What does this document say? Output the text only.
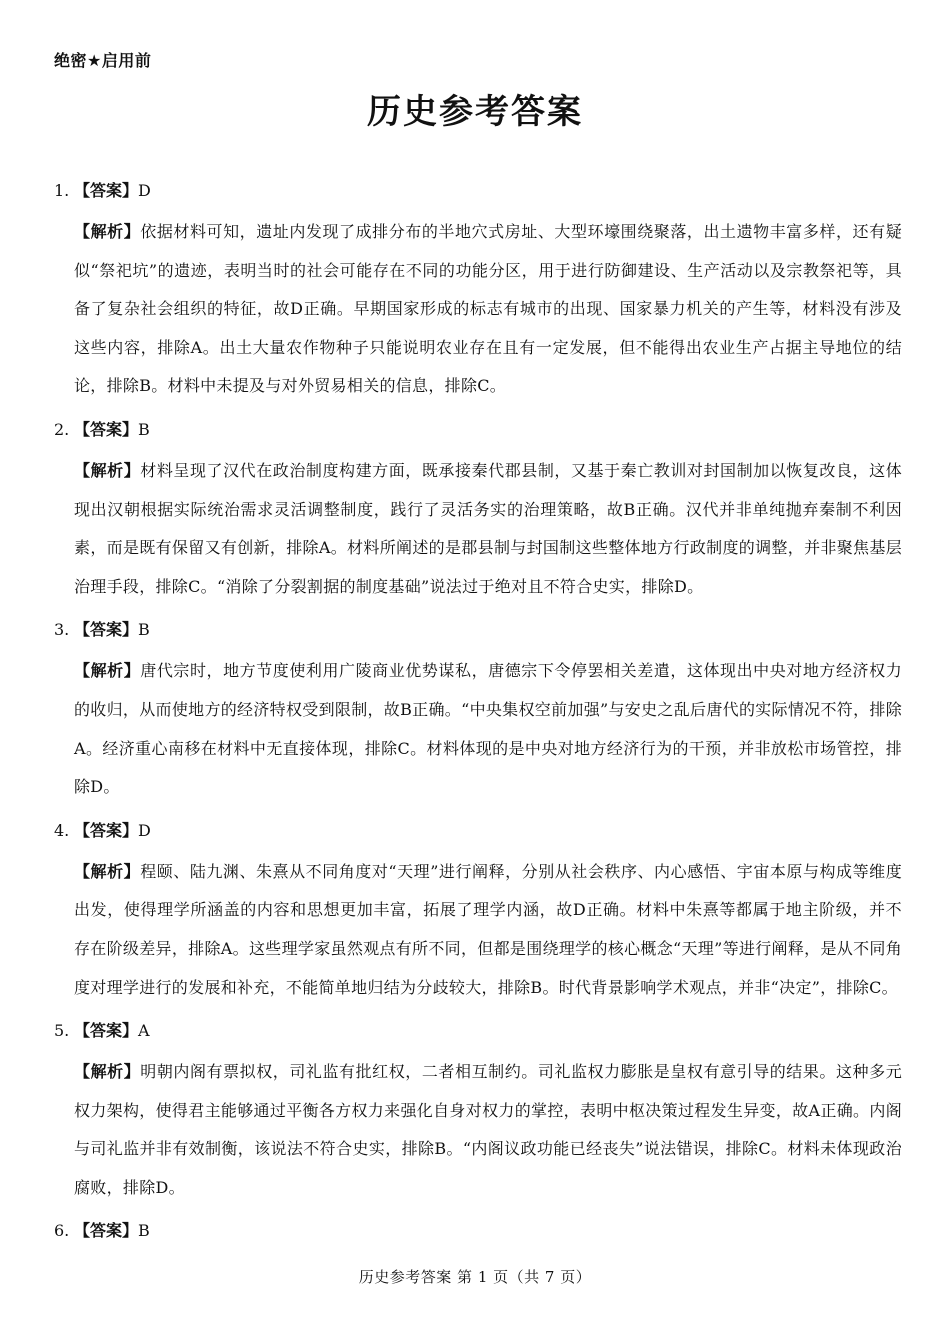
绝密★启用前
历史参考答案
1. 【答案】D

【解析】依据材料可知，遗址内发现了成排分布的半地穴式房址、大型环壕围绕聚落，出土遗物丰富多样，还有疑似“祭祀坑”的遗迹，表明当时的社会可能存在不同的功能分区，用于进行防御建设、生产活动以及宗教祭祀等，具备了复杂社会组织的特征，故D正确。早期国家形成的标志有城市的出现、国家暴力机关的产生等，材料没有涉及这些内容，排除A。出土大量农作物种子只能说明农业存在且有一定发展，但不能得出农业生产占据主导地位的结论，排除B。材料中未提及与对外贸易相关的信息，排除C。

2. 【答案】B

【解析】材料呈现了汉代在政治制度构建方面，既承接秦代郡县制，又基于秦亡教训对封国制加以恢复改良，这体现出汉朝根据实际统治需求灵活调整制度，践行了灵活务实的治理策略，故B正确。汉代并非单纯抛弃秦制不利因素，而是既有保留又有创新，排除A。材料所阐述的是郡县制与封国制这些整体地方行政制度的调整，并非聚焦基层治理手段，排除C。“消除了分裂割据的制度基础”说法过于绝对且不符合史实，排除D。

3. 【答案】B

【解析】唐代宗时，地方节度使利用广陵商业优势谋私，唐德宗下令停罢相关差遣，这体现出中央对地方经济权力的收归，从而使地方的经济特权受到限制，故B正确。“中央集权空前加强”与安史之乱后唐代的实际情况不符，排除A。经济重心南移在材料中无直接体现，排除C。材料体现的是中央对地方经济行为的干预，并非放松市场管控，排除D。

4. 【答案】D

【解析】程颐、陆九渊、朱熹从不同角度对“天理”进行阐释，分别从社会秩序、内心感悟、宇宙本原与构成等维度出发，使得理学所涵盖的内容和思想更加丰富，拓展了理学内涵，故D正确。材料中朱熹等都属于地主阶级，并不存在阶级差异，排除A。这些理学家虽然观点有所不同，但都是围绕理学的核心概念“天理”等进行阐释，是从不同角度对理学进行的发展和补充，不能简单地归结为分歧较大，排除B。时代背景影响学术观点，并非“决定”，排除C。

5. 【答案】A

【解析】明朝内阁有票拟权，司礼监有批红权，二者相互制约。司礼监权力膨胀是皇权有意引导的结果。这种多元权力架构，使得君主能够通过平衡各方权力来强化自身对权力的掌控，表明中枢决策过程发生异变，故A正确。内阁与司礼监并非有效制衡，该说法不符合史实，排除B。“内阁议政功能已经丧失”说法错误，排除C。材料未体现政治腐败，排除D。

6. 【答案】B
历史参考答案 第 1 页（共 7 页）
